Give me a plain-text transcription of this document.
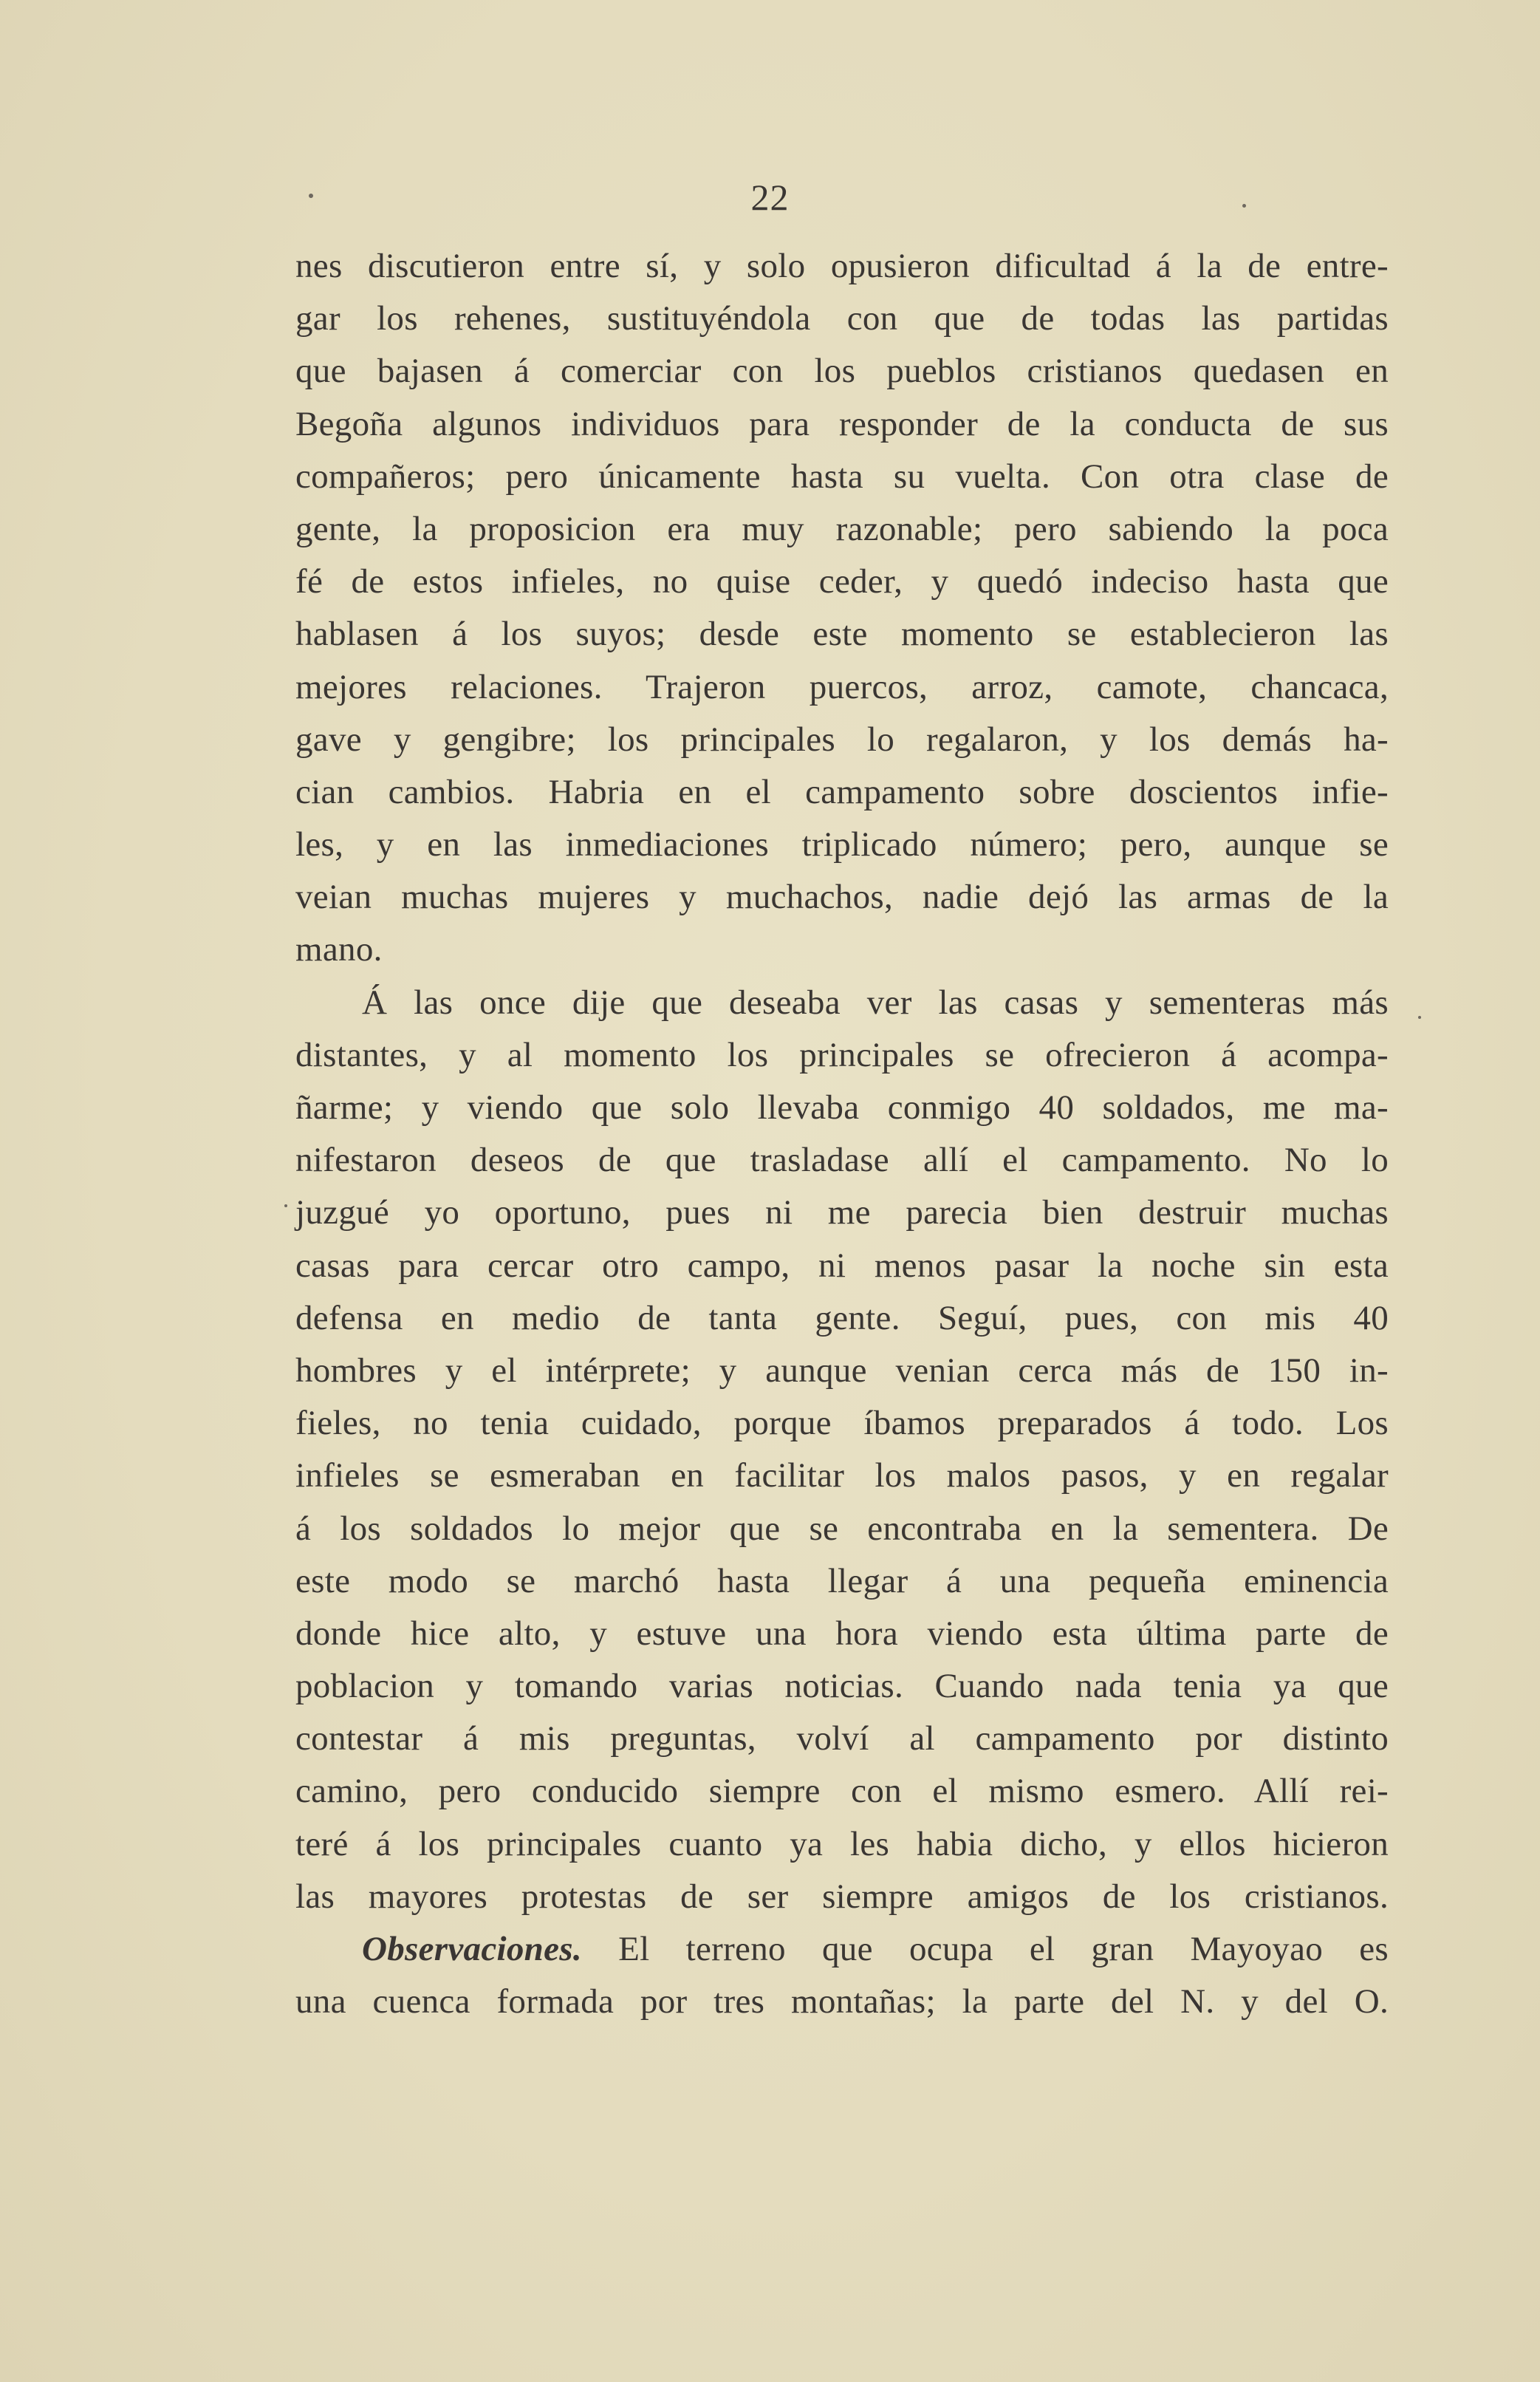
22
nes discutieron entre sí, y solo opusieron dificultad á la de entre-
gar los rehenes, sustituyéndola con que de todas las partidas
que bajasen á comerciar con los pueblos cristianos quedasen en
Begoña algunos individuos para responder de la conducta de sus
compañeros; pero únicamente hasta su vuelta. Con otra clase de
gente, la proposicion era muy razonable; pero sabiendo la poca
fé de estos infieles, no quise ceder, y quedó indeciso hasta que
hablasen á los suyos; desde este momento se establecieron las
mejores relaciones. Trajeron puercos, arroz, camote, chancaca,
gave y gengibre; los principales lo regalaron, y los demás ha-
cian cambios. Habria en el campamento sobre doscientos infie-
les, y en las inmediaciones triplicado número; pero, aunque se
veian muchas mujeres y muchachos, nadie dejó las armas de la
mano.
Á las once dije que deseaba ver las casas y sementeras más
distantes, y al momento los principales se ofrecieron á acompa-
ñarme; y viendo que solo llevaba conmigo 40 soldados, me ma-
nifestaron deseos de que trasladase allí el campamento. No lo
juzgué yo oportuno, pues ni me parecia bien destruir muchas
casas para cercar otro campo, ni menos pasar la noche sin esta
defensa en medio de tanta gente. Seguí, pues, con mis 40
hombres y el intérprete; y aunque venian cerca más de 150 in-
fieles, no tenia cuidado, porque íbamos preparados á todo. Los
infieles se esmeraban en facilitar los malos pasos, y en regalar
á los soldados lo mejor que se encontraba en la sementera. De
este modo se marchó hasta llegar á una pequeña eminencia
donde hice alto, y estuve una hora viendo esta última parte de
poblacion y tomando varias noticias. Cuando nada tenia ya que
contestar á mis preguntas, volví al campamento por distinto
camino, pero conducido siempre con el mismo esmero. Allí rei-
teré á los principales cuanto ya les habia dicho, y ellos hicieron
las mayores protestas de ser siempre amigos de los cristianos.
Observaciones. El terreno que ocupa el gran Mayoyao es
una cuenca formada por tres montañas; la parte del N. y del O.
